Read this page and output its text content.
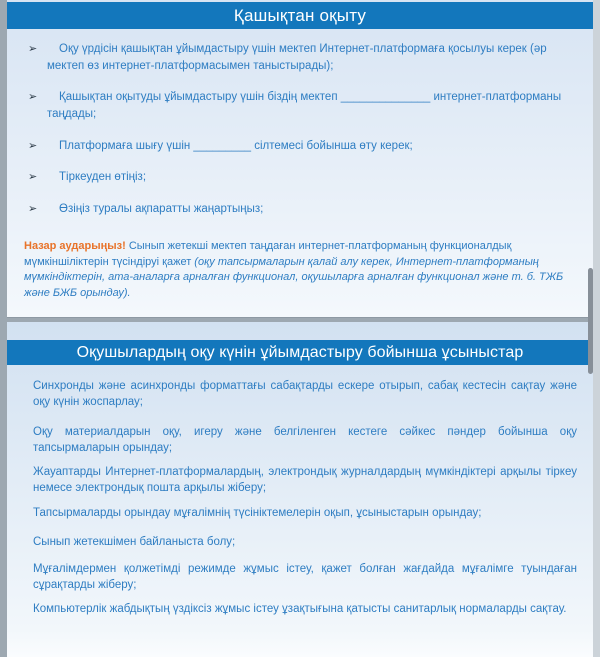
Қашықтан оқыту
➢	Оқу үрдісін қашықтан ұйымдастыру үшін мектеп Интернет-платформаға қосылуы керек (әр мектеп өз интернет-платформасымен таныстырады);
➢	Қашықтан оқытуды ұйымдастыру үшін біздің мектеп ______________ интернет-платформаны таңдады;
➢	Платформаға шығу үшін _________ сілтемесі бойынша өту керек;
➢	Тіркеуден өтіңіз;
➢	Өзіңіз туралы ақпаратты жаңартыңыз;
Назар аударыңыз! Сынып жетекші мектеп таңдаған интернет-платформаның функционалдық мүмкіншіліктерін түсіндіруі қажет (оқу тапсырмаларын қалай алу керек, Интернет-платформаның мүмкіндіктерін, ата-аналарға арналған функционал, оқушыларға арналған функционал және т. б. ТЖБ және БЖБ орындау).
Оқушылардың оқу күнін ұйымдастыру бойынша ұсыныстар

Синхронды және асинхронды форматтағы сабақтарды ескере отырып, сабақ кестесін сақтау және оқу күнін жоспарлау;

Оқу материалдарын оқу, игеру және белгіленген кестеге сәйкес пәндер бойынша оқу тапсырмаларын орындау;

Жауаптарды Интернет-платформалардың, электрондық журналдардың мүмкіндіктері арқылы тіркеу немесе электрондық пошта арқылы жіберу;

Тапсырмаларды орындау мұғалімнің түсініктемелерін оқып, ұсыныстарын орындау;

Сынып жетекшімен байланыста болу;

Мұғалімдермен қолжетімді режимде жұмыс істеу, қажет болған жағдайда мұғалімге туындаған сұрақтарды жіберу;

Компьютерлік жабдықтың үздіксіз жұмыс істеу ұзақтығына қатысты санитарлық нормаларды сақтау.
